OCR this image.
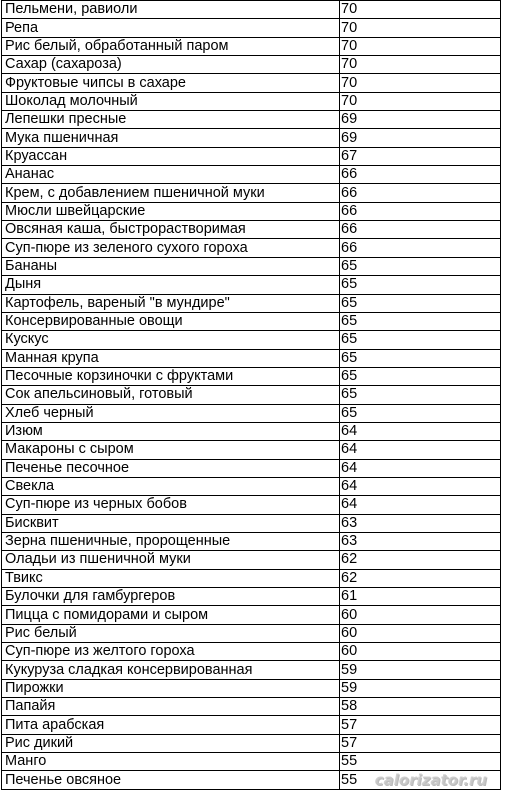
Пельмени, равиоли	70
Репа	70
Рис белый, обработанный паром	70
Сахар (сахароза)	70
Фруктовые чипсы в сахаре	70
Шоколад молочный	70
Лепешки пресные	69
Мука пшеничная	69
Круассан	67
Ананас	66
Крем, с добавлением пшеничной муки	66
Мюсли швейцарские	66
Овсяная каша, быстрорастворимая	66
Суп-пюре из зеленого сухого гороха	66
Бананы	65
Дыня	65
Картофель, вареный "в мундире"	65
Консервированные овощи	65
Кускус	65
Манная крупа	65
Песочные корзиночки с фруктами	65
Сок апельсиновый, готовый	65
Хлеб черный	65
Изюм	64
Макароны с сыром	64
Печенье песочное	64
Свекла	64
Суп-пюре из черных бобов	64
Бисквит	63
Зерна пшеничные, пророщенные	63
Оладьи из пшеничной муки	62
Твикс	62
Булочки для гамбургеров	61
Пицца с помидорами и сыром	60
Рис белый	60
Суп-пюре из желтого гороха	60
Кукуруза сладкая консервированная	59
Пирожки	59
Папайя	58
Пита арабская	57
Рис дикий	57
Манго	55
Печенье овсяное	55 calorizator.ru
